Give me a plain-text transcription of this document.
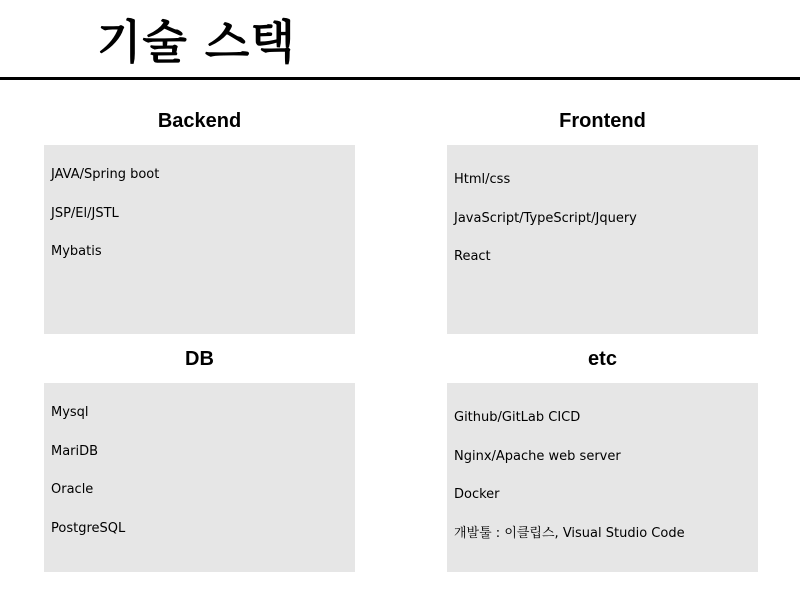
기술 스택
Backend
JAVA/Spring boot
JSP/El/JSTL
Mybatis
Frontend
Html/css
JavaScript/TypeScript/Jquery
React
DB
Mysql
MariDB
Oracle
PostgreSQL
etc
Github/GitLab CICD
Nginx/Apache web server
Docker
개발툴 : 이클립스, Visual Studio Code
